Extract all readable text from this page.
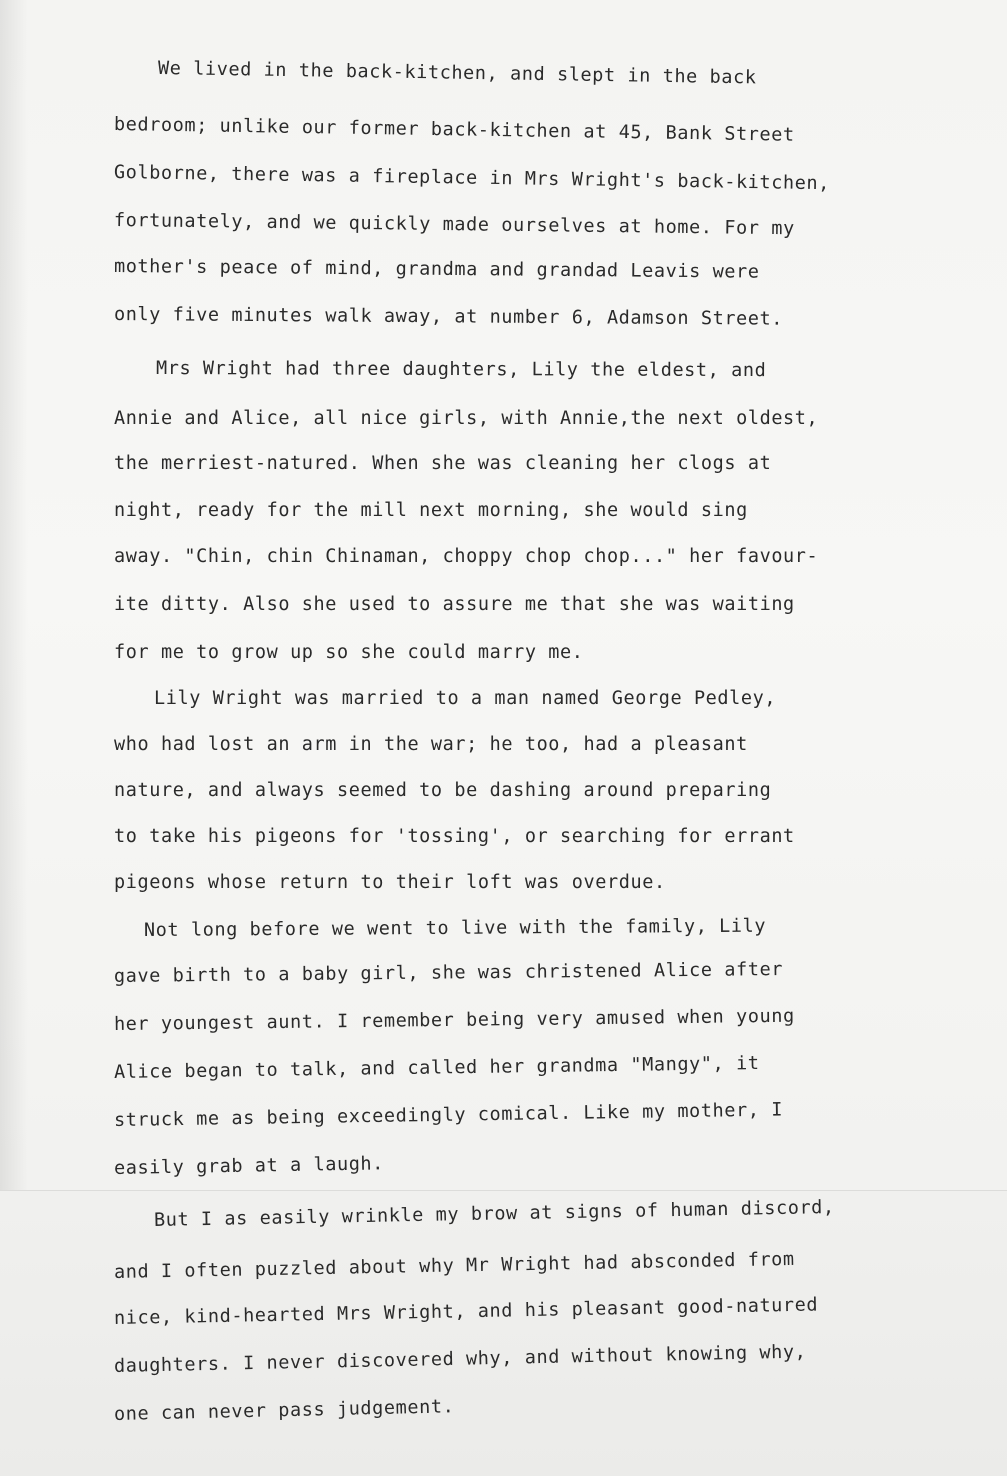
We lived in the back-kitchen, and slept in the back
bedroom; unlike our former back-kitchen at 45, Bank Street
Golborne, there was a fireplace in Mrs Wright's back-kitchen,
fortunately, and we quickly made ourselves at home. For my
mother's peace of mind, grandma and grandad Leavis were
only five minutes walk away, at number 6, Adamson Street.
Mrs Wright had three daughters, Lily the eldest, and
Annie and Alice, all nice girls, with Annie,the next oldest,
the merriest-natured. When she was cleaning her clogs at
night, ready for the mill next morning, she would sing
away. "Chin, chin Chinaman, choppy chop chop..." her favour-
ite ditty. Also she used to assure me that she was waiting
for me to grow up so she could marry me.
Lily Wright was married to a man named George Pedley,
who had lost an arm in the war; he too, had a pleasant
nature, and always seemed to be dashing around preparing
to take his pigeons for 'tossing', or searching for errant
pigeons whose return to their loft was overdue.
Not long before we went to live with the family, Lily
gave birth to a baby girl, she was christened Alice after
her youngest aunt. I remember being very amused when young
Alice began to talk, and called her grandma "Mangy", it
struck me as being exceedingly comical. Like my mother, I
easily grab at a laugh.
But I as easily wrinkle my brow at signs of human discord,
and I often puzzled about why Mr Wright had absconded from
nice, kind-hearted Mrs Wright, and his pleasant good-natured
daughters. I never discovered why, and without knowing why,
one can never pass judgement.
